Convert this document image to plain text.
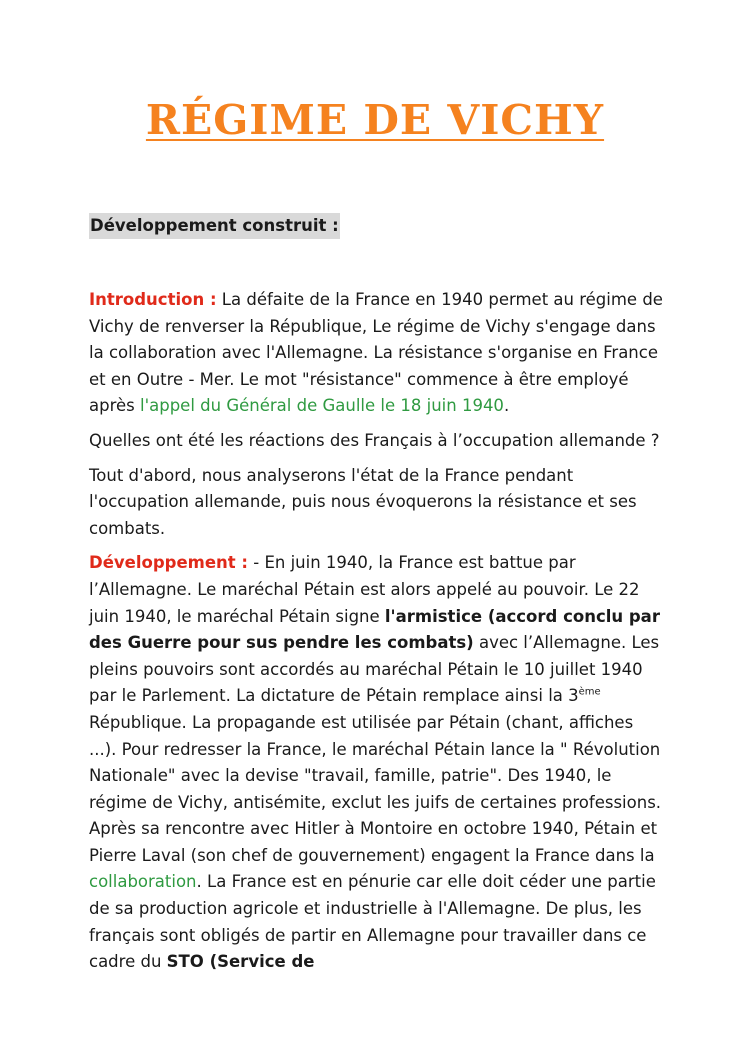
RÉGIME DE VICHY
Développement construit :

Introduction : La défaite de la France en 1940 permet au régime de Vichy de renverser la République, Le régime de Vichy s'engage dans la collaboration avec l'Allemagne. La résistance s'organise en France et en Outre - Mer. Le mot "résistance" commence à être employé après l'appel du Général de Gaulle le 18 juin 1940.

Quelles ont été les réactions des Français à l’occupation allemande ?

Tout d'abord, nous analyserons l'état de la France pendant l'occupation allemande, puis nous évoquerons la résistance et ses combats.

Développement : - En juin 1940, la France est battue par l’Allemagne. Le maréchal Pétain est alors appelé au pouvoir. Le 22 juin 1940, le maréchal Pétain signe l'armistice (accord conclu par des Guerre pour sus pendre les combats) avec l’Allemagne. Les pleins pouvoirs sont accordés au maréchal Pétain le 10 juillet 1940 par le Parlement. La dictature de Pétain remplace ainsi la 3ème République. La propagande est utilisée par Pétain (chant, affiches ...). Pour redresser la France, le maréchal Pétain lance la " Révolution Nationale" avec la devise "travail, famille, patrie". Des 1940, le régime de Vichy, antisémite, exclut les juifs de certaines professions. Après sa rencontre avec Hitler à Montoire en octobre 1940, Pétain et Pierre Laval (son chef de gouvernement) engagent la France dans la collaboration. La France est en pénurie car elle doit céder une partie de sa production agricole et industrielle à l'Allemagne. De plus, les français sont obligés de partir en Allemagne pour travailler dans ce cadre du STO (Service de
